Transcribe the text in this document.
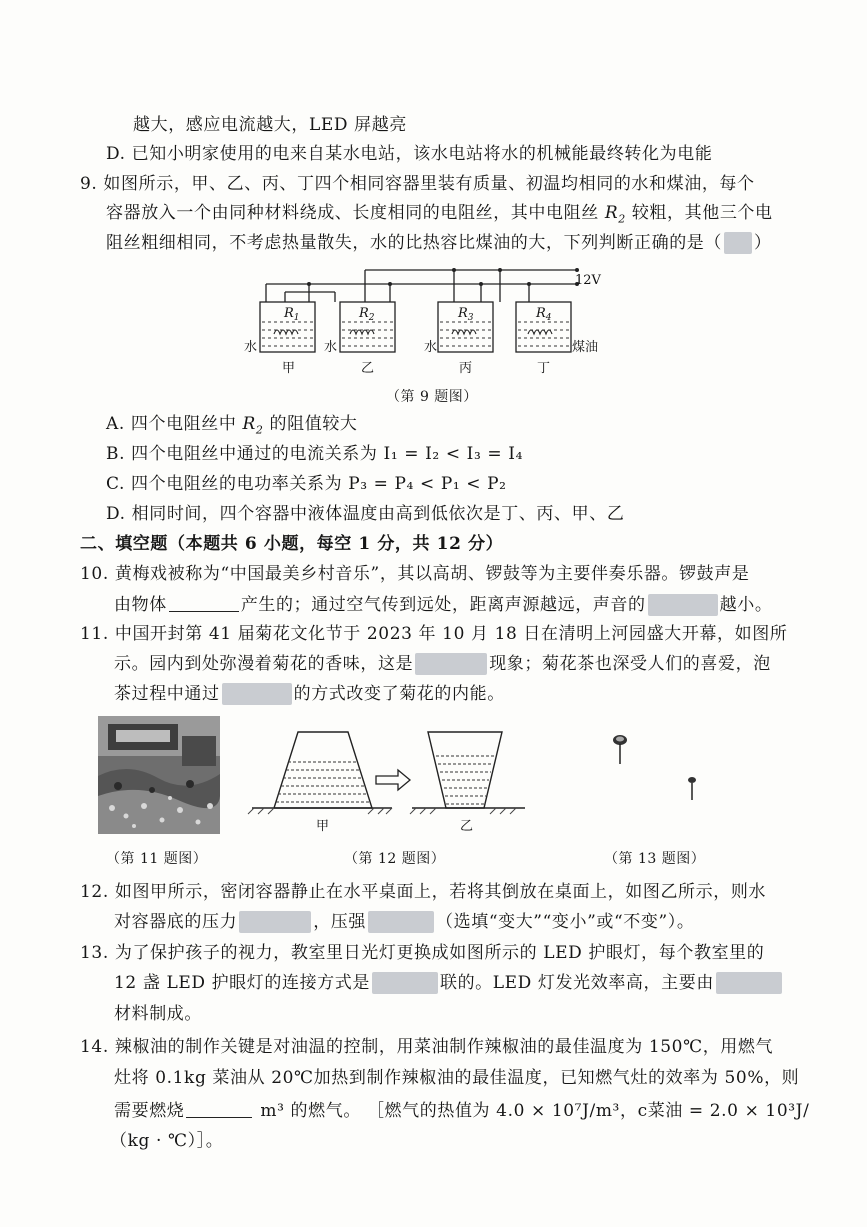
越大，感应电流越大，LED 屏越亮
D. 已知小明家使用的电来自某水电站，该水电站将水的机械能最终转化为电能
9. 如图所示，甲、乙、丙、丁四个相同容器里装有质量、初温均相同的水和煤油，每个
容器放入一个由同种材料绕成、长度相同的电阻丝，其中电阻丝 $R_2$ 较粗，其他三个电
阻丝粗细相同，不考虑热量散失，水的比热容比煤油的大，下列判断正确的是（ ）
$R_1$	$R_2$	$R_3$	$R_4$
12V
水	水	水	煤油
甲	乙	丙	丁
（第 9 题图）
A. 四个电阻丝中 $R_2$ 的阻值较大
B. 四个电阻丝中通过的电流关系为 I₁ = I₂ < I₃ = I₄
C. 四个电阻丝的电功率关系为 P₃ = P₄ < P₁ < P₂
D. 相同时间，四个容器中液体温度由高到低依次是丁、丙、甲、乙
二、填空题（本题共 6 小题，每空 1 分，共 12 分）
10. 黄梅戏被称为“中国最美乡村音乐”，其以高胡、锣鼓等为主要伴奏乐器。锣鼓声是
由物体	产生的；通过空气传到远处，距离声源越远，声音的	越小。
11. 中国开封第 41 届菊花文化节于 2023 年 10 月 18 日在清明上河园盛大开幕，如图所
示。园内到处弥漫着菊花的香味，这是	现象；菊花茶也深受人们的喜爱，泡
茶过程中通过	的方式改变了菊花的内能。
甲	乙
（第 11 题图）	（第 12 题图）	（第 13 题图）
12. 如图甲所示，密闭容器静止在水平桌面上，若将其倒放在桌面上，如图乙所示，则水
对容器底的压力	，压强	（选填“变大”“变小”或“不变”）。
13. 为了保护孩子的视力，教室里日光灯更换成如图所示的 LED 护眼灯，每个教室里的
12 盏 LED 护眼灯的连接方式是	联的。LED 灯发光效率高，主要由
材料制成。
14. 辣椒油的制作关键是对油温的控制，用菜油制作辣椒油的最佳温度为 150℃，用燃气
灶将 0.1kg 菜油从 20℃加热到制作辣椒油的最佳温度，已知燃气灶的效率为 50%，则
需要燃烧	m³ 的燃气。 ［燃气的热值为 4.0 × 10⁷J/m³，c菜油 = 2.0 × 10³J/
（kg · ℃）］。
